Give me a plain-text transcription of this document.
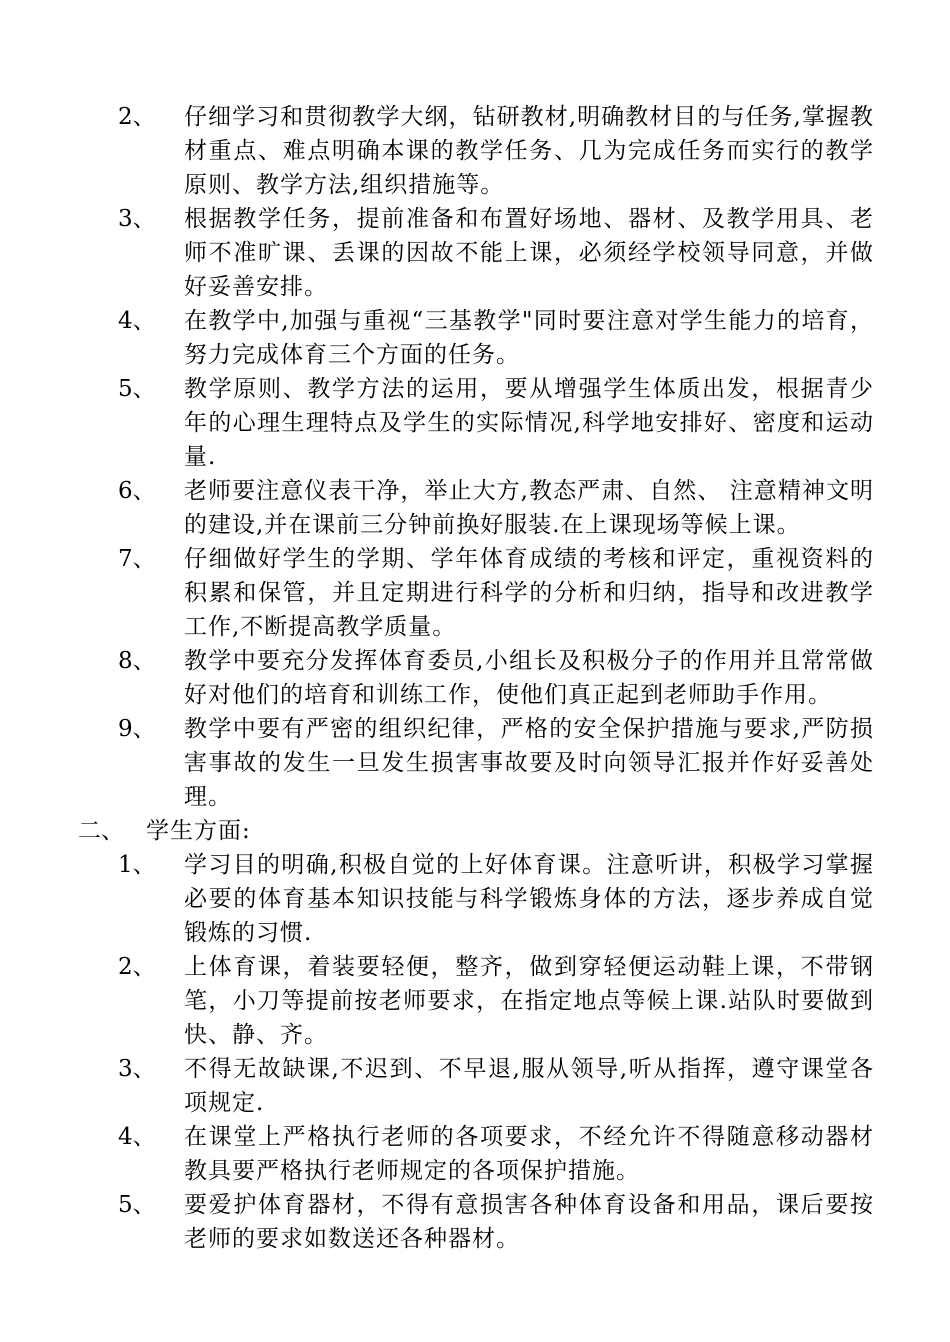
2、 仔细学习和贯彻教学大纲，钻研教材,明确教材目的与任务,掌握教材重点、难点明确本课的教学任务、几为完成任务而实行的教学原则、教学方法,组织措施等。
3、 根据教学任务，提前准备和布置好场地、器材、及教学用具、老师不准旷课、丢课的因故不能上课，必须经学校领导同意，并做好妥善安排。
4、 在教学中,加强与重视“三基教学"同时要注意对学生能力的培育，努力完成体育三个方面的任务。
5、 教学原则、教学方法的运用，要从增强学生体质出发，根据青少年的心理生理特点及学生的实际情况,科学地安排好、密度和运动量.
6、 老师要注意仪表干净，举止大方,教态严肃、自然、 注意精神文明的建设,并在课前三分钟前换好服装.在上课现场等候上课。
7、 仔细做好学生的学期、学年体育成绩的考核和评定，重视资料的积累和保管，并且定期进行科学的分析和归纳，指导和改进教学工作,不断提高教学质量。
8、 教学中要充分发挥体育委员,小组长及积极分子的作用并且常常做好对他们的培育和训练工作，使他们真正起到老师助手作用。
9、 教学中要有严密的组织纪律，严格的安全保护措施与要求,严防损害事故的发生一旦发生损害事故要及时向领导汇报并作好妥善处理。
二、 学生方面:
1、 学习目的明确,积极自觉的上好体育课。注意听讲，积极学习掌握必要的体育基本知识技能与科学锻炼身体的方法，逐步养成自觉锻炼的习惯.
2、 上体育课，着装要轻便，整齐，做到穿轻便运动鞋上课，不带钢笔，小刀等提前按老师要求，在指定地点等候上课.站队时要做到快、静、齐。
3、 不得无故缺课,不迟到、不早退,服从领导,听从指挥，遵守课堂各项规定.
4、 在课堂上严格执行老师的各项要求，不经允许不得随意移动器材教具要严格执行老师规定的各项保护措施。
5、 要爱护体育器材，不得有意损害各种体育设备和用品，课后要按老师的要求如数送还各种器材。
